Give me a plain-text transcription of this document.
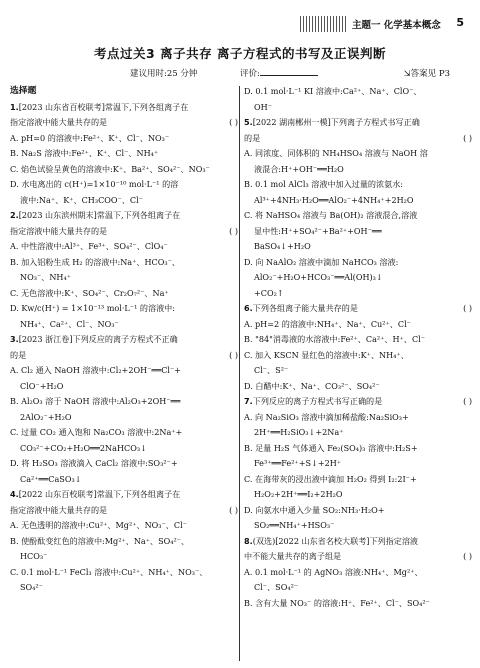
主题一 化学基本概念 5
考点过关3 离子共存 离子方程式的书写及正误判断
建议用时:25 分钟	评价:	⇲答案见 P3
选择题
1.[2023 山东省百校联考]常温下,下列各组离子在
( )
指定溶液中能大量共存的是
A. pH=0 的溶液中:Fe²⁺、K⁺、Cl⁻、NO₃⁻
B. Na₂S 溶液中:Fe²⁺、K⁺、Cl⁻、NH₄⁺
C. 焰色试验呈黄色的溶液中:K⁺、Ba²⁺、SO₄²⁻、NO₃⁻
D. 水电离出的 c(H⁺)=1×10⁻¹⁰ mol·L⁻¹ 的溶
液中:Na⁺、K⁺、CH₃COO⁻、Cl⁻
2.[2023 山东滨州期末]常温下,下列各组离子在
( )
指定溶液中能大量共存的是
A. 中性溶液中:Al³⁺、Fe³⁺、SO₄²⁻、ClO₄⁻
B. 加入铝粉生成 H₂ 的溶液中:Na⁺、HCO₃⁻、
NO₃⁻、NH₄⁺
C. 无色溶液中:K⁺、SO₄²⁻、Cr₂O₇²⁻、Na⁺
D. Kw/c(H⁺) = 1×10⁻¹³ mol·L⁻¹ 的溶液中:
NH₄⁺、Ca²⁺、Cl⁻、NO₃⁻
3.[2023 浙江卷]下列反应的离子方程式不正确
( )
的是
A. Cl₂ 通入 NaOH 溶液中:Cl₂+2OH⁻══Cl⁻+
ClO⁻+H₂O
B. Al₂O₃ 溶于 NaOH 溶液中:Al₂O₃+2OH⁻══
2AlO₂⁻+H₂O
C. 过量 CO₂ 通入饱和 Na₂CO₃ 溶液中:2Na⁺+
CO₃²⁻+CO₂+H₂O══2NaHCO₃↓
D. 将 H₂SO₃ 溶液滴入 CaCl₂ 溶液中:SO₃²⁻+
Ca²⁺══CaSO₃↓
4.[2022 山东百校联考]常温下,下列各组离子在
( )
指定溶液中能大量共存的是
A. 无色透明的溶液中:Cu²⁺、Mg²⁺、NO₃⁻、Cl⁻
B. 使酚酞变红色的溶液中:Mg²⁺、Na⁺、SO₄²⁻、
HCO₃⁻
C. 0.1 mol·L⁻¹ FeCl₃ 溶液中:Cu²⁺、NH₄⁺、NO₃⁻、
SO₄²⁻
D. 0.1 mol·L⁻¹ KI 溶液中:Ca²⁺、Na⁺、ClO⁻、
OH⁻
5.[2022 湖南郴州一模]下列离子方程式书写正确
( )
的是
A. 同浓度、同体积的 NH₄HSO₄ 溶液与 NaOH 溶
液混合:H⁺+OH⁻══H₂O
B. 0.1 mol AlCl₃ 溶液中加入过量的浓氨水:
Al³⁺+4NH₃·H₂O══AlO₂⁻+4NH₄⁺+2H₂O
C. 将 NaHSO₄ 溶液与 Ba(OH)₂ 溶液混合,溶液
显中性:H⁺+SO₄²⁻+Ba²⁺+OH⁻══
BaSO₄↓+H₂O
D. 向 NaAlO₂ 溶液中滴加 NaHCO₃ 溶液:
AlO₂⁻+H₂O+HCO₃⁻══Al(OH)₃↓
+CO₂↑
( )
6.下列各组离子能大量共存的是
A. pH=2 的溶液中:NH₄⁺、Na⁺、Cu²⁺、Cl⁻
B. "84"消毒液的水溶液中:Fe²⁺、Ca²⁺、H⁺、Cl⁻
C. 加入 KSCN 显红色的溶液中:K⁺、NH₄⁺、
Cl⁻、S²⁻
D. 白醋中:K⁺、Na⁺、CO₃²⁻、SO₄²⁻
( )
7.下列反应的离子方程式书写正确的是
A. 向 Na₂SiO₃ 溶液中滴加稀盐酸:Na₂SiO₃+
2H⁺══H₂SiO₃↓+2Na⁺
B. 足量 H₂S 气体通入 Fe₂(SO₄)₃ 溶液中:H₂S+
Fe³⁺══Fe²⁺+S↓+2H⁺
C. 在海带灰的浸出液中滴加 H₂O₂ 得到 I₂:2I⁻+
H₂O₂+2H⁺══I₂+2H₂O
D. 向氨水中通入少量 SO₂:NH₃·H₂O+
SO₂══NH₄⁺+HSO₃⁻
8.(双选)[2022 山东省名校大联考]下列指定溶液
( )
中不能大量共存的离子组是
A. 0.1 mol·L⁻¹ 的 AgNO₃ 溶液:NH₄⁺、Mg²⁺、
Cl⁻、SO₄²⁻
B. 含有大量 NO₃⁻ 的溶液:H⁺、Fe²⁺、Cl⁻、SO₄²⁻
